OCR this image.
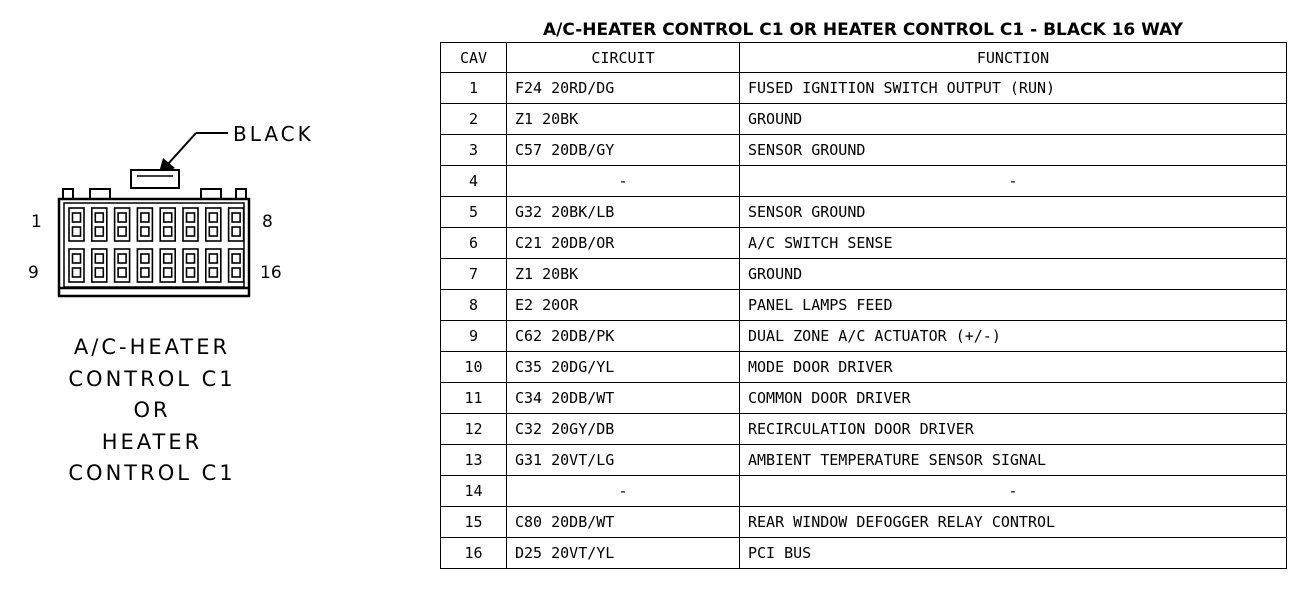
BLACK
1	8
9	16
A/C-HEATER
CONTROL C1
OR
HEATER
CONTROL C1
A/C-HEATER CONTROL C1 OR HEATER CONTROL C1 - BLACK 16 WAY
CAV	CIRCUIT	FUNCTION
1	F24 20RD/DG	FUSED IGNITION SWITCH OUTPUT (RUN)
2	Z1 20BK	GROUND
3	C57 20DB/GY	SENSOR GROUND
4	-	-
5	G32 20BK/LB	SENSOR GROUND
6	C21 20DB/OR	A/C SWITCH SENSE
7	Z1 20BK	GROUND
8	E2 20OR	PANEL LAMPS FEED
9	C62 20DB/PK	DUAL ZONE A/C ACTUATOR (+/-)
10	C35 20DG/YL	MODE DOOR DRIVER
11	C34 20DB/WT	COMMON DOOR DRIVER
12	C32 20GY/DB	RECIRCULATION DOOR DRIVER
13	G31 20VT/LG	AMBIENT TEMPERATURE SENSOR SIGNAL
14	-	-
15	C80 20DB/WT	REAR WINDOW DEFOGGER RELAY CONTROL
16	D25 20VT/YL	PCI BUS
